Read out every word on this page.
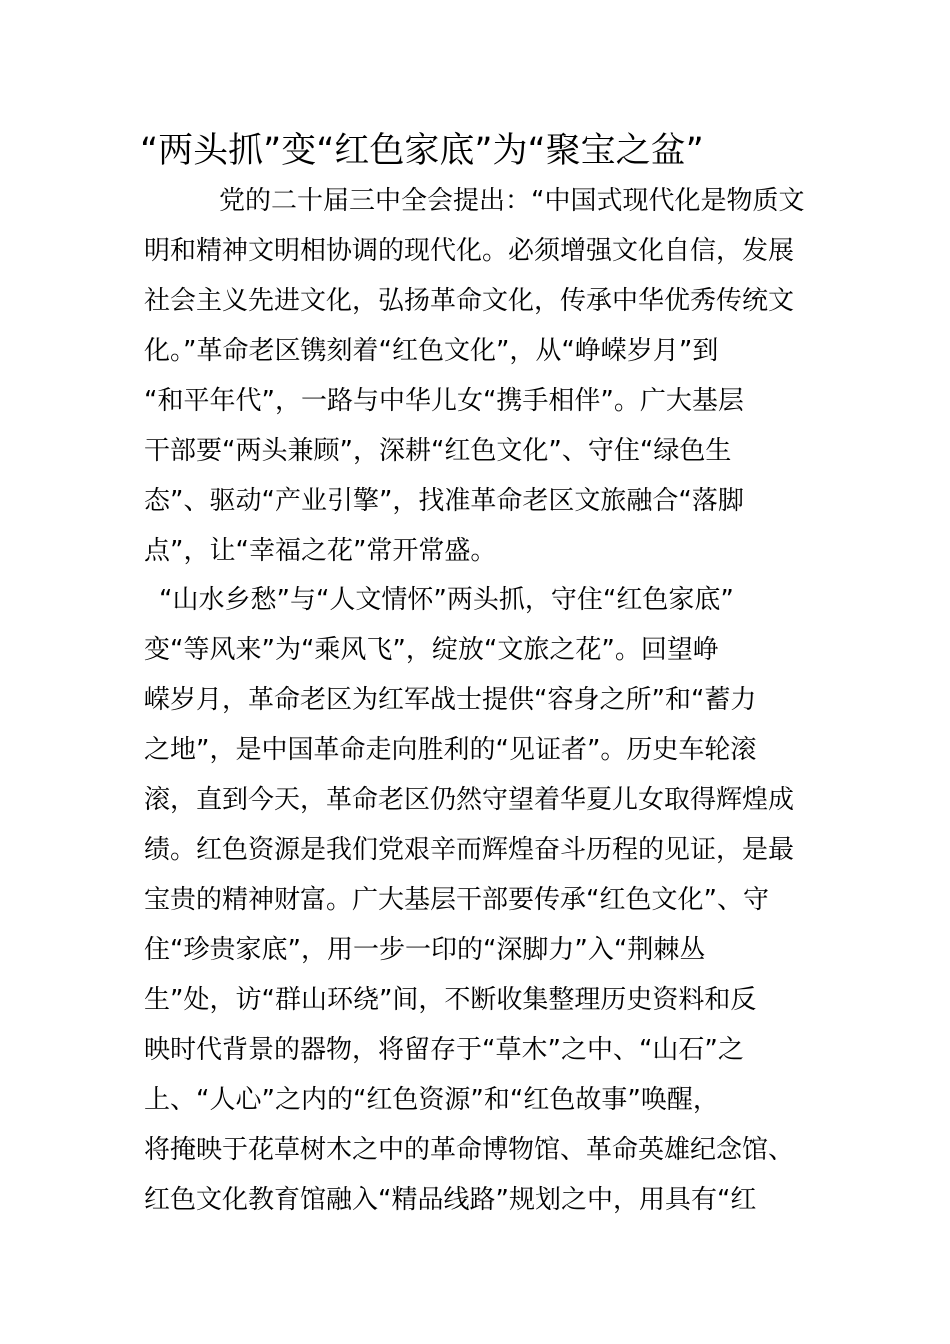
“两头抓”变“红色家底”为“聚宝之盆”

党的二十届三中全会提出：“中国式现代化是物质文

明和精神文明相协调的现代化。必须增强文化自信，发展

社会主义先进文化，弘扬革命文化，传承中华优秀传统文

化。”革命老区镌刻着“红色文化”，从“峥嵘岁月”到

“和平年代”，一路与中华儿女“携手相伴”。广大基层

干部要“两头兼顾”，深耕“红色文化”、守住“绿色生

态”、驱动“产业引擎”，找准革命老区文旅融合“落脚

点”，让“幸福之花”常开常盛。

“山水乡愁”与“人文情怀”两头抓，守住“红色家底”

变“等风来”为“乘风飞”，绽放“文旅之花”。回望峥

嵘岁月，革命老区为红军战士提供“容身之所”和“蓄力

之地”，是中国革命走向胜利的“见证者”。历史车轮滚

滚，直到今天，革命老区仍然守望着华夏儿女取得辉煌成

绩。红色资源是我们党艰辛而辉煌奋斗历程的见证，是最

宝贵的精神财富。广大基层干部要传承“红色文化”、守

住“珍贵家底”，用一步一印的“深脚力”入“荆棘丛

生”处，访“群山环绕”间，不断收集整理历史资料和反

映时代背景的器物，将留存于“草木”之中、“山石”之

上、“人心”之内的“红色资源”和“红色故事”唤醒，

将掩映于花草树木之中的革命博物馆、革命英雄纪念馆、

红色文化教育馆融入“精品线路”规划之中，用具有“红
